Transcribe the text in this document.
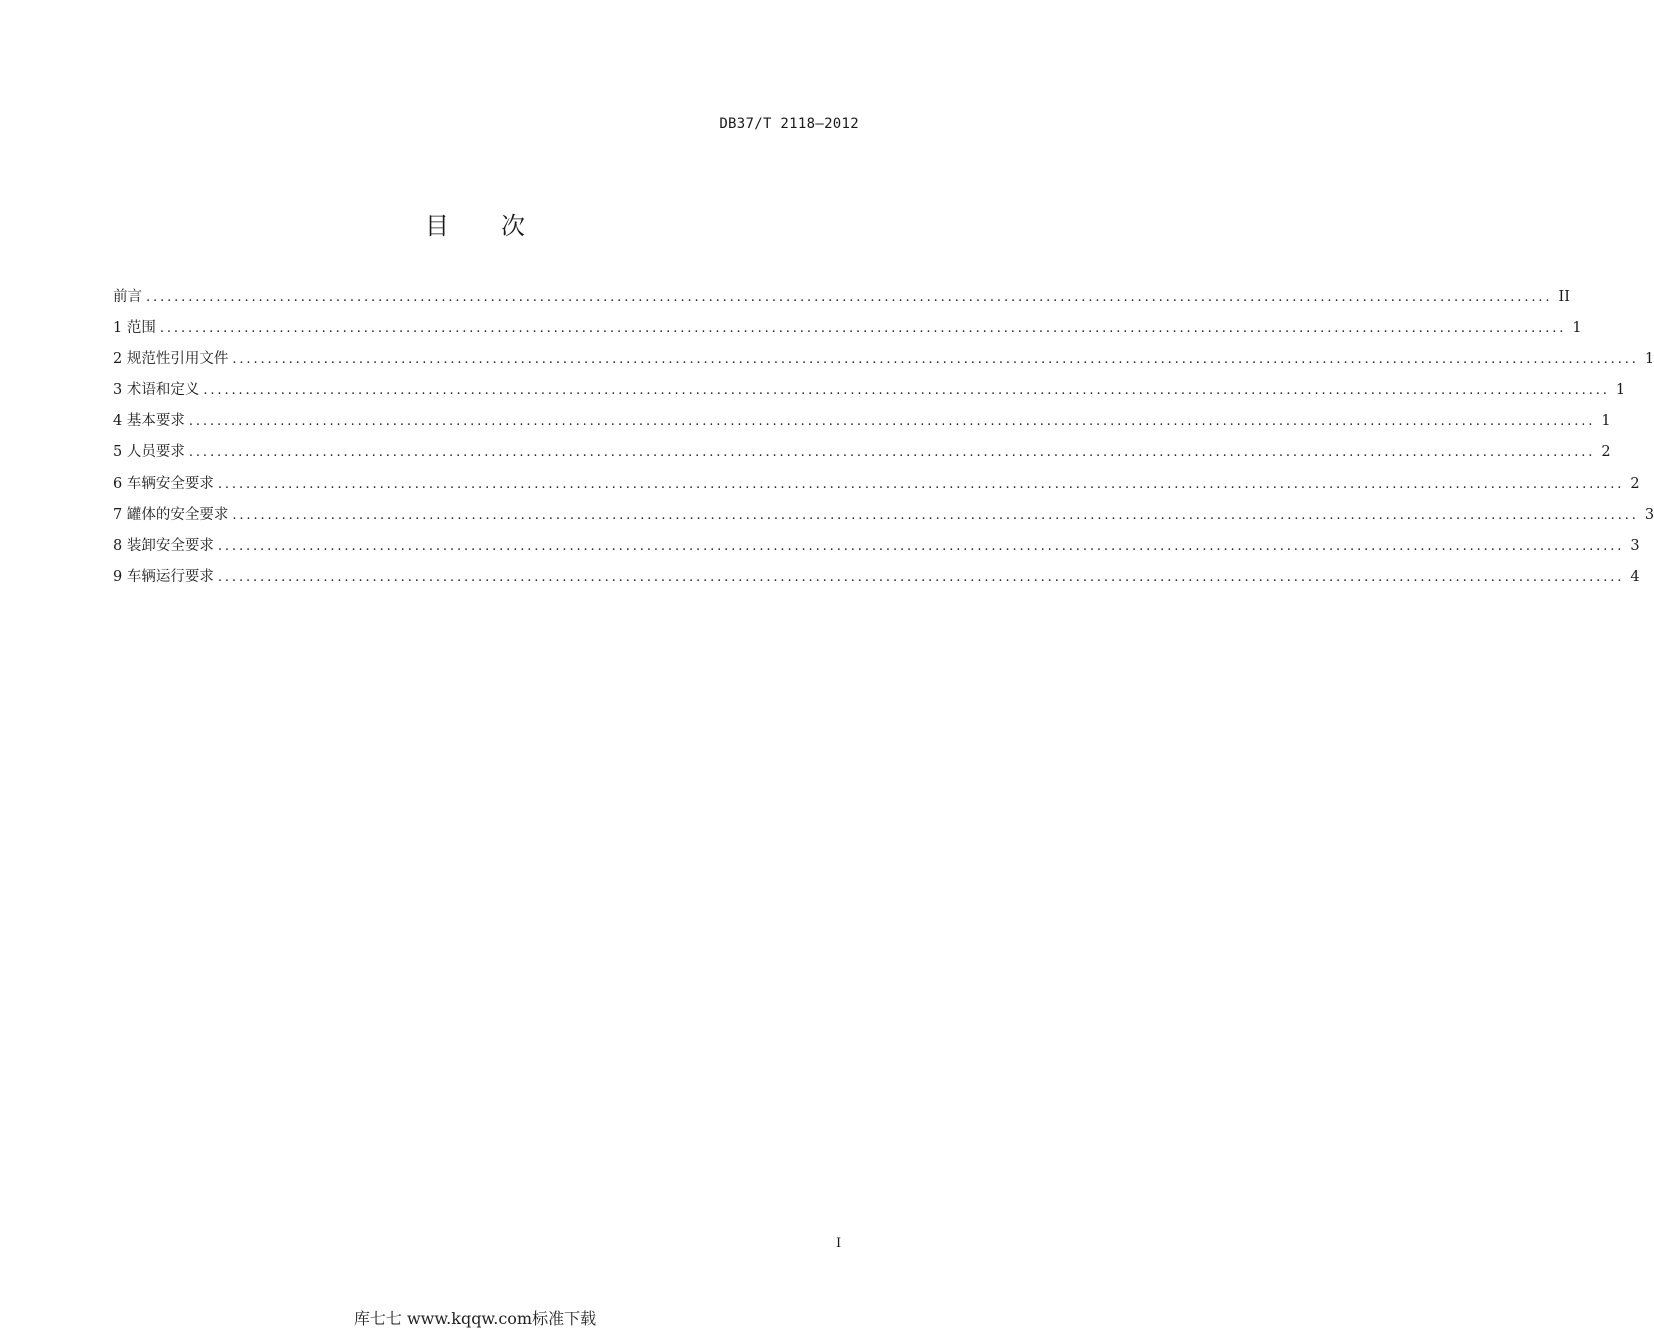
DB37/T 2118—2012
目 次
前言 ........................................................................................................................................................................................................ II
1 范围 ........................................................................................................................................................................................................ 1
2 规范性引用文件 ........................................................................................................................................................................................................ 1
3 术语和定义 ........................................................................................................................................................................................................ 1
4 基本要求 ........................................................................................................................................................................................................ 1
5 人员要求 ........................................................................................................................................................................................................ 2
6 车辆安全要求 ........................................................................................................................................................................................................ 2
7 罐体的安全要求 ........................................................................................................................................................................................................ 3
8 装卸安全要求 ........................................................................................................................................................................................................ 3
9 车辆运行要求 ........................................................................................................................................................................................................ 4
I
库七七 www.kqqw.com标准下载
